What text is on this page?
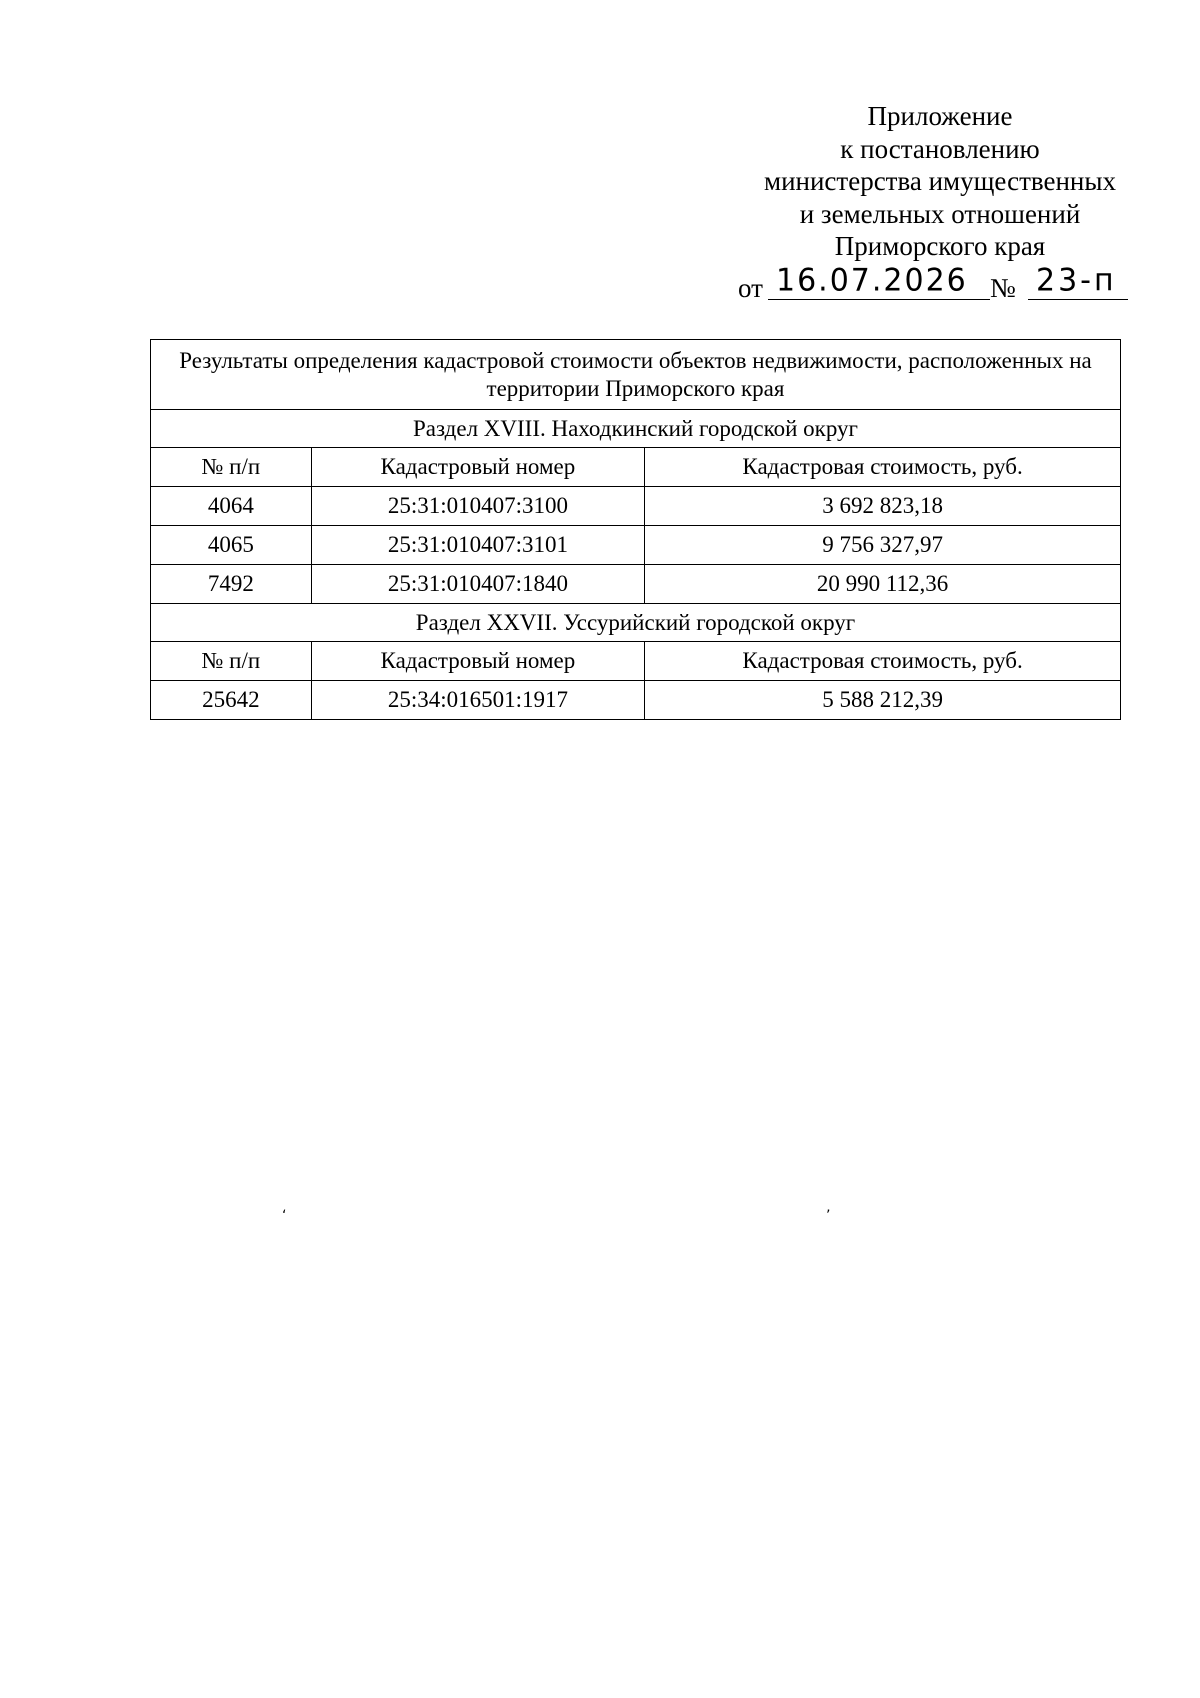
Приложение
к постановлению
министерства имущественных
и земельных отношений
Приморского края
от 16.07.2026 № 23-п
Результаты определения кадастровой стоимости объектов недвижимости, расположенных на территории Приморского края		
Раздел XVIII. Находкинский городской округ		
№ п/п	Кадастровый номер	Кадастровая стоимость, руб.
4064	25:31:010407:3100	3 692 823,18
4065	25:31:010407:3101	9 756 327,97
7492	25:31:010407:1840	20 990 112,36
Раздел XXVII. Уссурийский городской округ		
№ п/п	Кадастровый номер	Кадастровая стоимость, руб.
25642	25:34:016501:1917	5 588 212,39
‘	’
